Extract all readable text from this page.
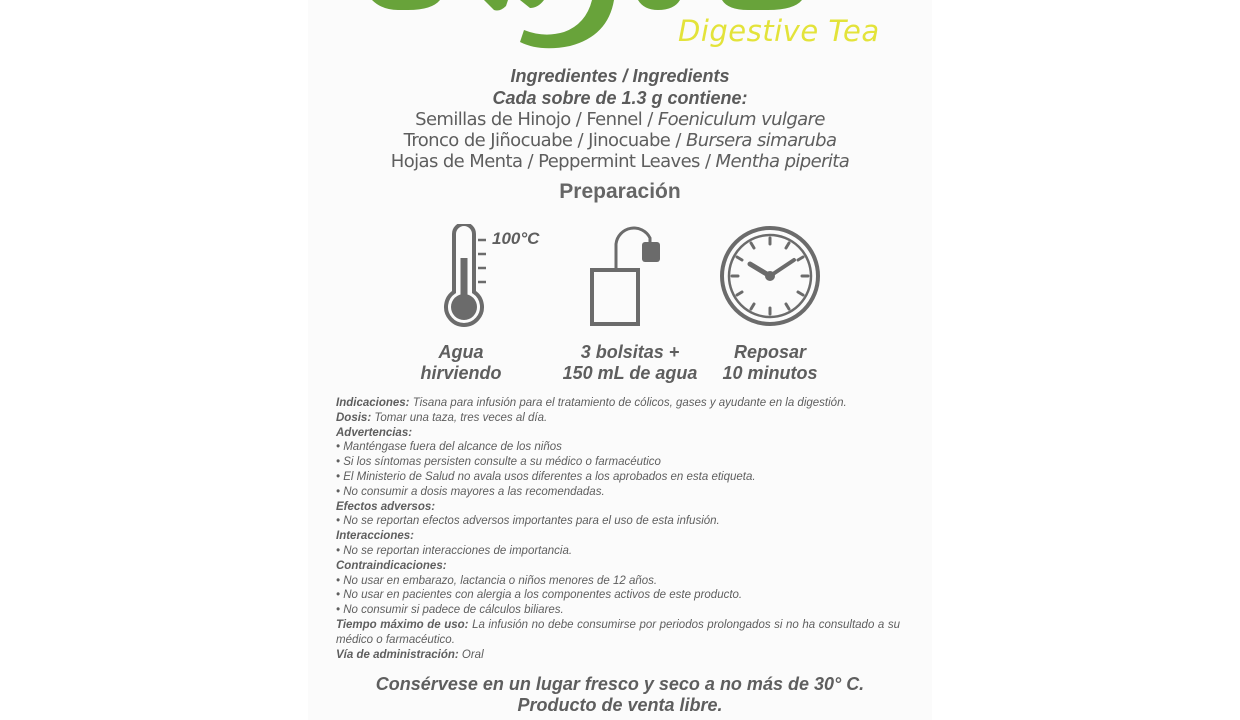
Digestive Tea
Ingredientes / Ingredients
Cada sobre de 1.3 g contiene:
Semillas de Hinojo / Fennel / Foeniculum vulgare
Tronco de Jiñocuabe / Jinocuabe / Bursera simaruba
Hojas de Menta / Peppermint Leaves / Mentha piperita
Preparación
100°C
Agua
hirviendo
3 bolsitas +
150 mL de agua
Reposar
10 minutos
Indicaciones: Tisana para infusión para el tratamiento de cólicos, gases y ayudante en la digestión.
Dosis: Tomar una taza, tres veces al día.
Advertencias:
• Manténgase fuera del alcance de los niños
• Si los síntomas persisten consulte a su médico o farmacéutico
• El Ministerio de Salud no avala usos diferentes a los aprobados en esta etiqueta.
• No consumir a dosis mayores a las recomendadas.
Efectos adversos:
• No se reportan efectos adversos importantes para el uso de esta infusión.
Interacciones:
• No se reportan interacciones de importancia.
Contraindicaciones:
• No usar en embarazo, lactancia o niños menores de 12 años.
• No usar en pacientes con alergia a los componentes activos de este producto.
• No consumir si padece de cálculos biliares.
Tiempo máximo de uso: La infusión no debe consumirse por periodos prolongados si no ha consultado a su médico o farmacéutico.
Vía de administración: Oral
Consérvese en un lugar fresco y seco a no más de 30° C.
Producto de venta libre.
